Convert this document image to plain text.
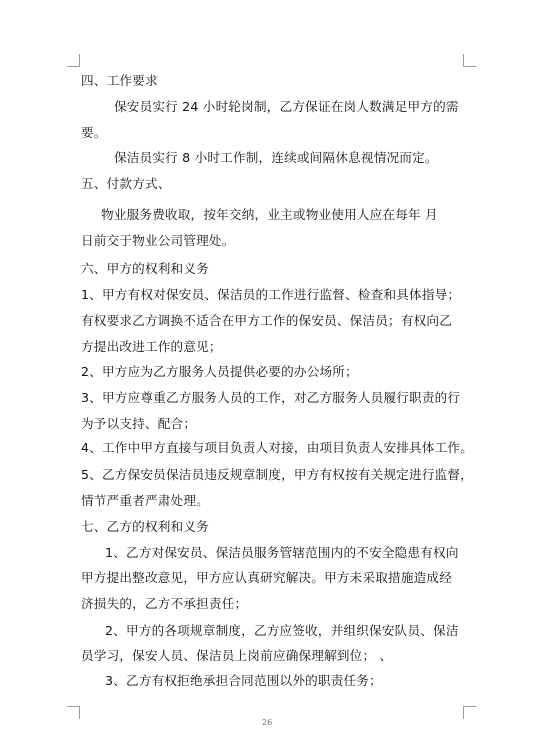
四、工作要求
保安员实行 24 小时轮岗制，乙方保证在岗人数满足甲方的需
要。
保洁员实行 8 小时工作制，连续或间隔休息视情况而定。
五、付款方式、
物业服务费收取，按年交纳，业主或物业使用人应在每年 月
日前交于物业公司管理处。
六、甲方的权利和义务
1、甲方有权对保安员、保洁员的工作进行监督、检查和具体指导；
有权要求乙方调换不适合在甲方工作的保安员、保洁员；有权向乙
方提出改进工作的意见；
2、甲方应为乙方服务人员提供必要的办公场所；
3、甲方应尊重乙方服务人员的工作，对乙方服务人员履行职责的行
为予以支持、配合；
4、工作中甲方直接与项目负责人对接，由项目负责人安排具体工作。
5、乙方保安员保洁员违反规章制度，甲方有权按有关规定进行监督，
情节严重者严肃处理。
七、乙方的权利和义务
1、乙方对保安员、保洁员服务管辖范围内的不安全隐患有权向
甲方提出整改意见，甲方应认真研究解决。甲方未采取措施造成经
济损失的，乙方不承担责任；
2、甲方的各项规章制度，乙方应签收，并组织保安队员、保洁
员学习，保安人员、保洁员上岗前应确保理解到位； 、
3、乙方有权拒绝承担合同范围以外的职责任务；
26
